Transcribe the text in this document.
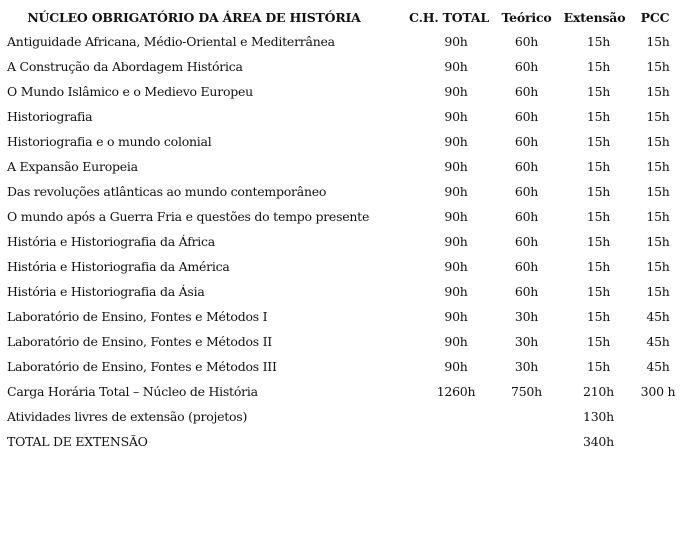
NÚCLEO OBRIGATÓRIO DA ÁREA DE HISTÓRIA	C.H. TOTAL	Teórico	Extensão	PCC
Antiguidade Africana, Médio-Oriental e Mediterrânea	90h	60h	15h	15h
A Construção da Abordagem Histórica	90h	60h	15h	15h
O Mundo Islâmico e o Medievo Europeu	90h	60h	15h	15h
Historiografia	90h	60h	15h	15h
Historiografia e o mundo colonial	90h	60h	15h	15h
A Expansão Europeia	90h	60h	15h	15h
Das revoluções atlânticas ao mundo contemporâneo	90h	60h	15h	15h
O mundo após a Guerra Fria e questões do tempo presente	90h	60h	15h	15h
História e Historiografia da África	90h	60h	15h	15h
História e Historiografia da América	90h	60h	15h	15h
História e Historiografia da Ásia	90h	60h	15h	15h
Laboratório de Ensino, Fontes e Métodos I	90h	30h	15h	45h
Laboratório de Ensino, Fontes e Métodos II	90h	30h	15h	45h
Laboratório de Ensino, Fontes e Métodos III	90h	30h	15h	45h
Carga Horária Total – Núcleo de História	1260h	750h	210h	300 h
Atividades livres de extensão (projetos)			130h	
TOTAL DE EXTENSÃO			340h	
